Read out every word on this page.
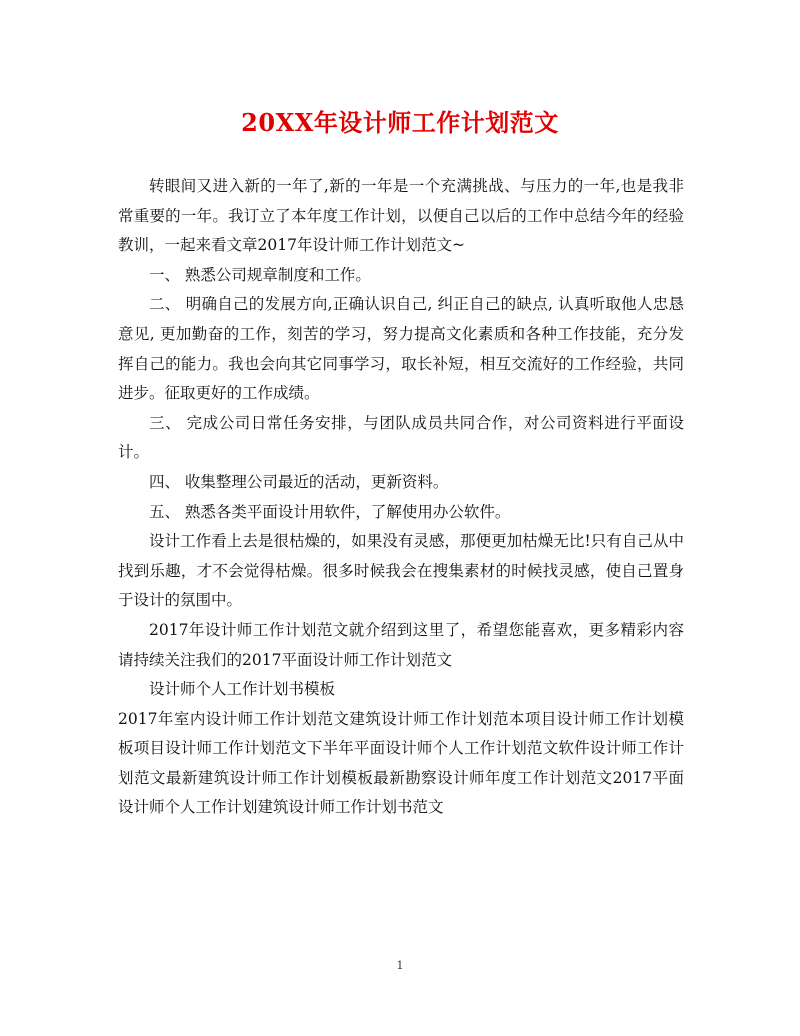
20XX年设计师工作计划范文

转眼间又进入新的一年了,新的一年是一个充满挑战、与压力的一年,也是我非常重要的一年。我订立了本年度工作计划，以便自己以后的工作中总结今年的经验教训，一起来看文章2017年设计师工作计划范文~

一、 熟悉公司规章制度和工作。

二、 明确自己的发展方向,正确认识自己, 纠正自己的缺点, 认真听取他人忠恳意见, 更加勤奋的工作，刻苦的学习，努力提高文化素质和各种工作技能，充分发挥自己的能力。我也会向其它同事学习，取长补短，相互交流好的工作经验，共同进步。征取更好的工作成绩。

三、 完成公司日常任务安排，与团队成员共同合作，对公司资料进行平面设计。

四、 收集整理公司最近的活动，更新资料。

五、 熟悉各类平面设计用软件，了解使用办公软件。

设计工作看上去是很枯燥的，如果没有灵感，那便更加枯燥无比!只有自己从中找到乐趣，才不会觉得枯燥。很多时候我会在搜集素材的时候找灵感，使自己置身于设计的氛围中。

2017年设计师工作计划范文就介绍到这里了，希望您能喜欢，更多精彩内容请持续关注我们的2017平面设计师工作计划范文

设计师个人工作计划书模板

2017年室内设计师工作计划范文建筑设计师工作计划范本项目设计师工作计划模板项目设计师工作计划范文下半年平面设计师个人工作计划范文软件设计师工作计划范文最新建筑设计师工作计划模板最新勘察设计师年度工作计划范文2017平面设计师个人工作计划建筑设计师工作计划书范文

1
